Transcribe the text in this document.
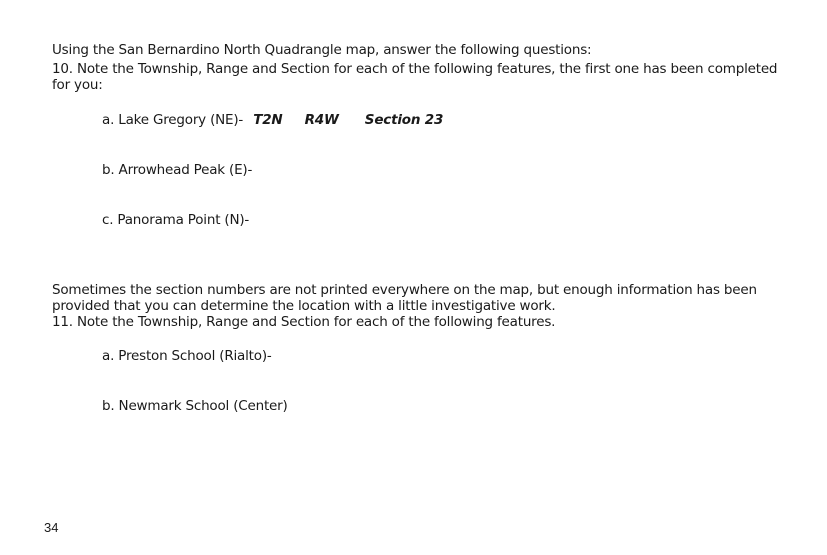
Using the San Bernardino North Quadrangle map, answer the following questions:
10. Note the Township, Range and Section for each of the following features, the first one has been completed
for you:
a. Lake Gregory (NE)- T2N R4W Section 23
b. Arrowhead Peak (E)-
c. Panorama Point (N)-
Sometimes the section numbers are not printed everywhere on the map, but enough information has been
provided that you can determine the location with a little investigative work.
11. Note the Township, Range and Section for each of the following features.
a. Preston School (Rialto)-
b. Newmark School (Center)
34
